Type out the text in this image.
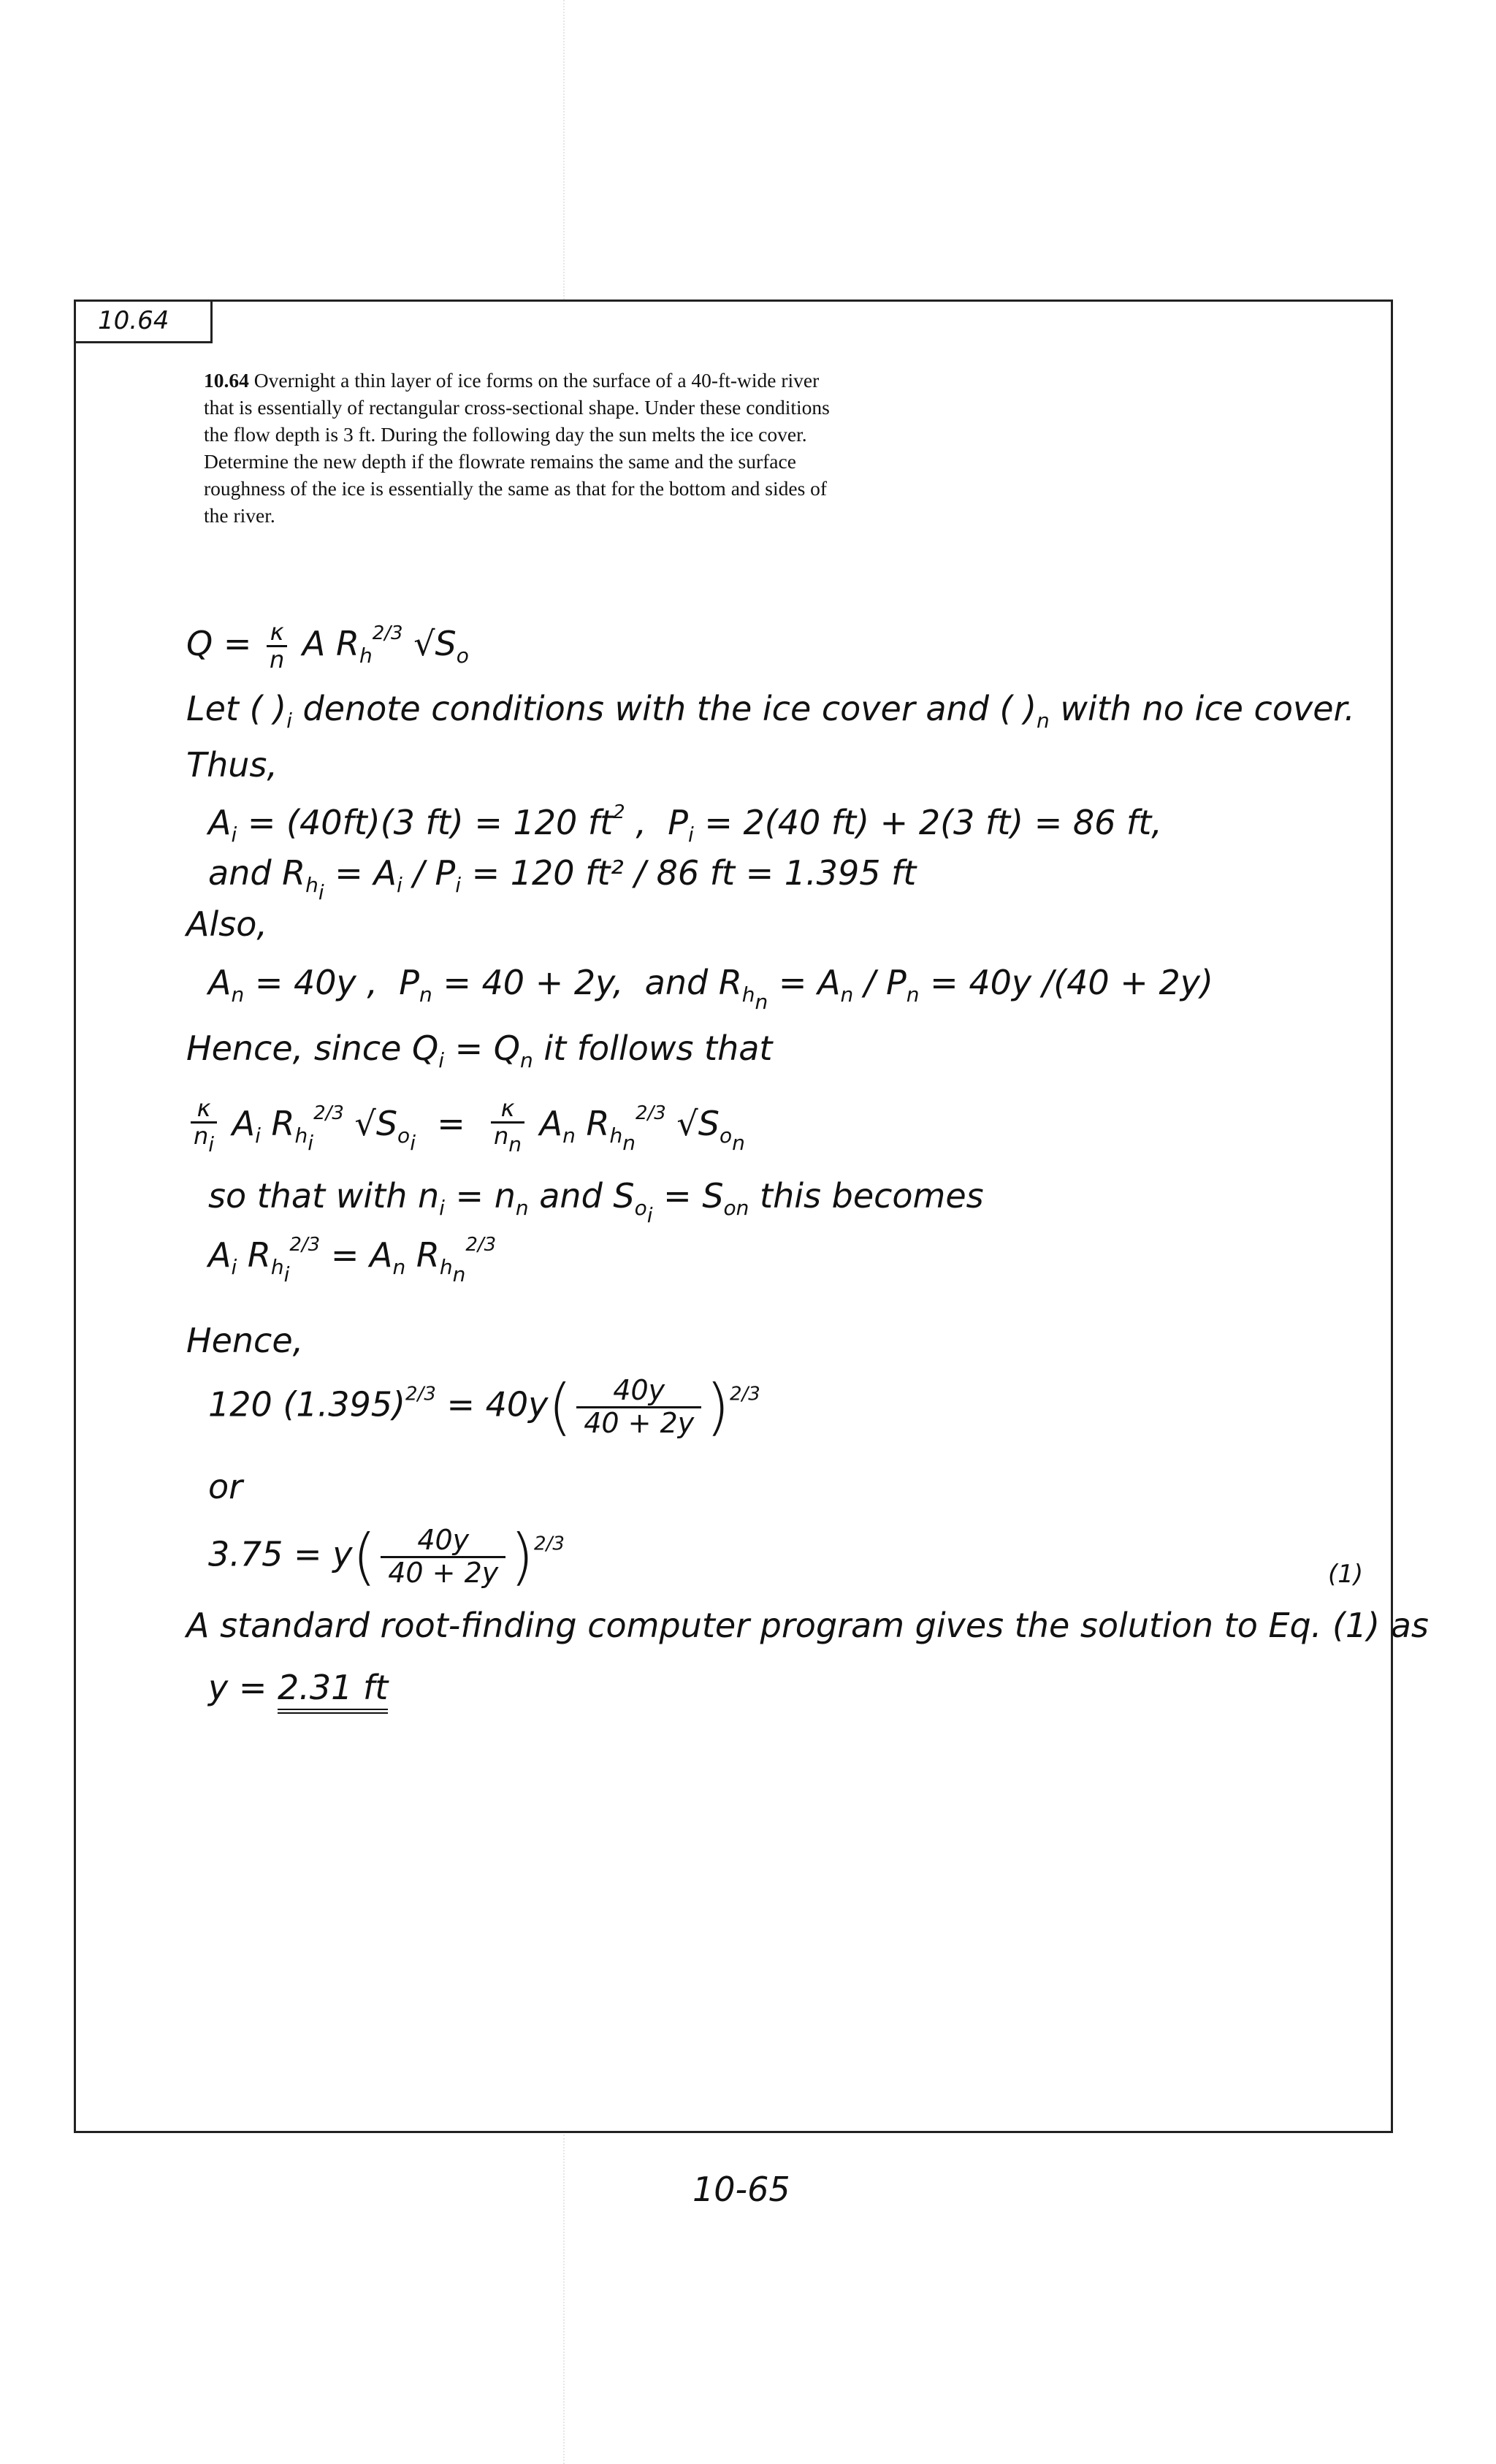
10.64
10.64 Overnight a thin layer of ice forms on the surface of a 40-ft-wide river that is essentially of rectangular cross-sectional shape. Under these conditions the flow depth is 3 ft. During the following day the sun melts the ice cover. Determine the new depth if the flowrate remains the same and the surface roughness of the ice is essentially the same as that for the bottom and sides of the river.
$Q = \frac{\kappa}{n}$ A $R_h^{2/3}$ $√S_o$
Let ( )$_i$ denote conditions with the ice cover and ( )$_n$ with no ice cover.
Thus,
$A_i = (40ft)(3$ ft) = 120 $ft^2$ ,  $P_i = 2(40$ ft) + 2(3 ft) = 86 ft,
and $R_{h_i} = A_i / P_i = 120$ ft² / 86 ft = 1.395 ft
Also,
$A_n = 40y$ ,  $P_n = 40 + 2y$,  and $R_{h_n} = A_n / P_n = 40y$ /(40 + 2y)
Hence, since $Q_i = Q_n$ it follows that
$\frac{\kappa}{n_i} A_i$ $R_{h_i}^{2/3}$ $√S_{o_i} = \frac{\kappa}{n_n} A_n$ $R_{h_n}^{2/3}$ $√S_{o_n}$
so that with $n_i = n_n$ and $S_{o_i} = S_{on}$ this becomes
$A_i$ $R_{h_i}^{2/3} = A_n$ $R_{h_n}^{2/3}$
Hence,
120 $(1.395)^{2/3} = 40y( \frac{40y}{40 + 2y} )^{2/3}$
or
$3.75 = y( \frac{40y}{40 + 2y} )^{2/3}$
(1)
A standard root-finding computer program gives the solution to Eq. (1) as
y = 2.31 ft
10-65
